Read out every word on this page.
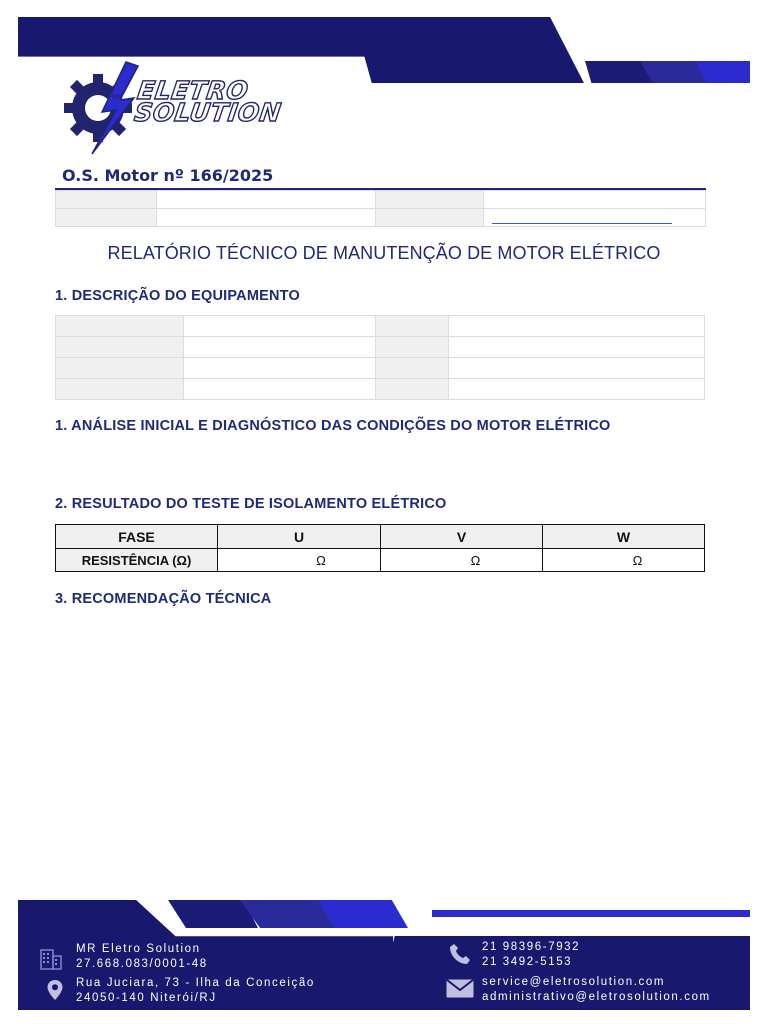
MR ELETRO
SOLUTION
O.S. Motor nº 166/2025

RELATÓRIO TÉCNICO DE MANUTENÇÃO DE MOTOR ELÉTRICO
1. DESCRIÇÃO DO EQUIPAMENTO

1. ANÁLISE INICIAL E DIAGNÓSTICO DAS CONDIÇÕES DO MOTOR ELÉTRICO
2. RESULTADO DO TESTE DE ISOLAMENTO ELÉTRICO
FASE	U	V	W
RESISTÊNCIA (Ω)	Ω	Ω	Ω
3. RECOMENDAÇÃO TÉCNICA
MR Eletro Solution
27.668.083/0001-48
Rua Juciara, 73 - Ilha da Conceição
24050-140 Niterói/RJ
21 98396-7932
21 3492-5153
service@eletrosolution.com
administrativo@eletrosolution.com
